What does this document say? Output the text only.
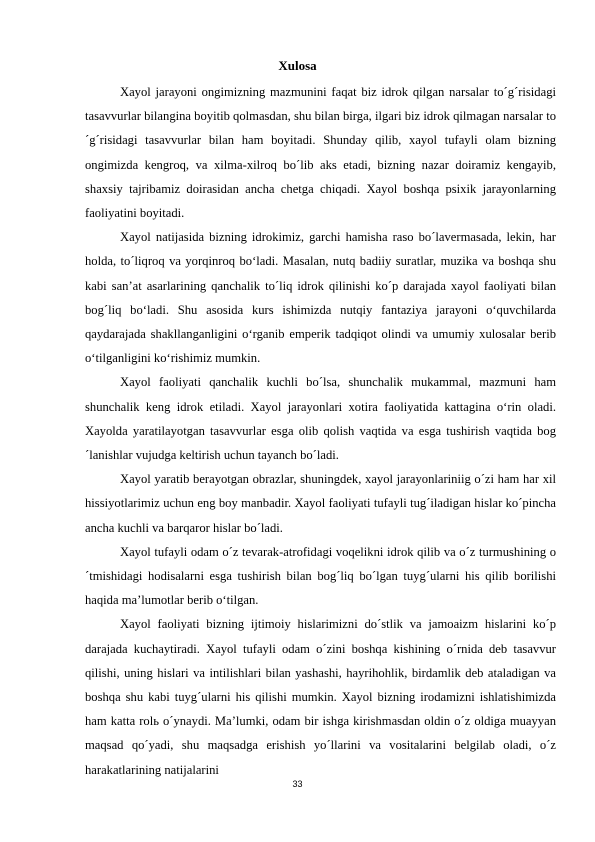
Xulosa

Xayol jarayoni ongimizning mazmunini faqat biz idrok qilgan narsalar to´g´risidagi tasavvurlar bilangina boyitib qolmasdan, shu bilan birga, ilgari biz idrok qilmagan narsalar to´g´risidagi tasavvurlar bilan ham boyitadi. Shunday qilib, xayol tufayli olam bizning ongimizda kengroq, va xilma-xilroq bo´lib aks etadi, bizning nazar doiramiz kengayib, shaxsiy tajribamiz doirasidan ancha chetga chiqadi. Xayol boshqa psixik jarayonlarning faoliyatini boyitadi.

Xayol natijasida bizning idrokimiz, garchi hamisha raso bo´lavermasada, lekin, har holda, to´liqroq va yorqinroq bo‘ladi. Masalan, nutq badiiy suratlar, muzika va boshqa shu kabi san’at asarlarining qanchalik to´liq idrok qilinishi ko´p darajada xayol faoliyati bilan bog´liq bo‘ladi. Shu asosida kurs ishimizda nutqiy fantaziya jarayoni o‘quvchilarda qaydarajada shakllanganligini o‘rganib emperik tadqiqot olindi va umumiy xulosalar berib o‘tilganligini ko‘rishimiz mumkin.

Xayol faoliyati qanchalik kuchli bo´lsa, shunchalik mukammal, mazmuni ham shunchalik keng idrok etiladi. Xayol jarayonlari xotira faoliyatida kattagina o‘rin oladi. Xayolda yaratilayotgan tasavvurlar esga olib qolish vaqtida va esga tushirish vaqtida bog´lanishlar vujudga keltirish uchun tayanch bo´ladi.

Xayol yaratib berayotgan obrazlar, shuningdek, xayol jarayonlariniig o´zi ham har xil hissiyotlarimiz uchun eng boy manbadir. Xayol faoliyati tufayli tug´iladigan hislar ko´pincha ancha kuchli va barqaror hislar bo´ladi.

Xayol tufayli odam o´z tevarak-atrofidagi voqelikni idrok qilib va o´z turmushining o´tmishidagi hodisalarni esga tushirish bilan bog´liq bo´lgan tuyg´ularni his qilib borilishi haqida ma’lumotlar berib o‘tilgan.

Xayol faoliyati bizning ijtimoiy hislarimizni do´stlik va jamoaizm hislarini ko´p darajada kuchaytiradi. Xayol tufayli odam o´zini boshqa kishining o´rnida deb tasavvur qilishi, uning hislari va intilishlari bilan yashashi, hayrihohlik, birdamlik deb ataladigan va boshqa shu kabi tuyg´ularni his qilishi mumkin. Xayol bizning irodamizni ishlatishimizda ham katta rolь o´ynaydi. Ma’lumki, odam bir ishga kirishmasdan oldin o´z oldiga muayyan maqsad qo´yadi, shu maqsadga erishish yo´llarini va vositalarini belgilab oladi, o´z harakatlarining natijalarini

33
